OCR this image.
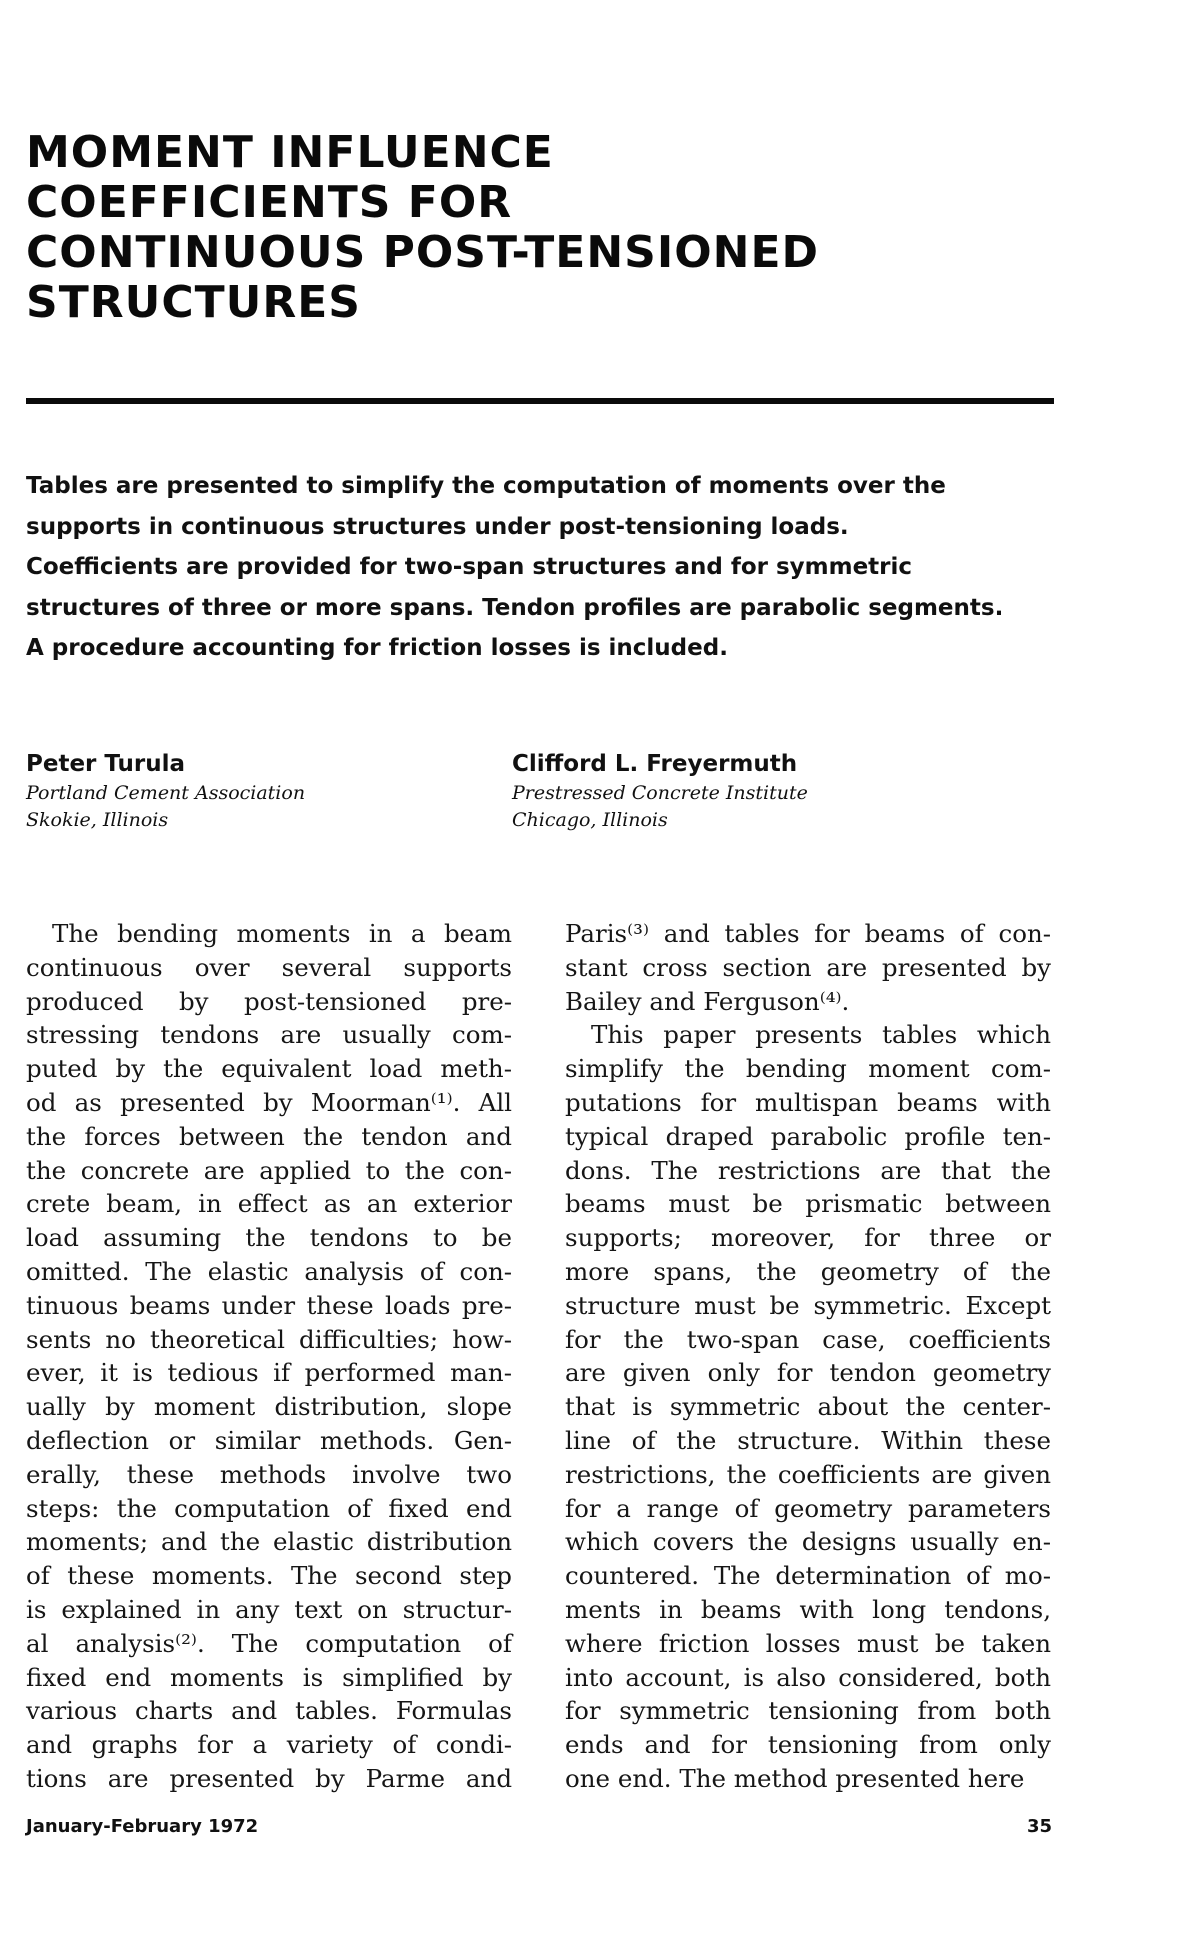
MOMENT INFLUENCE
COEFFICIENTS FOR
CONTINUOUS POST-TENSIONED
STRUCTURES
Tables are presented to simplify the computation of moments over the
supports in continuous structures under post-tensioning loads.
Coefficients are provided for two-span structures and for symmetric
structures of three or more spans. Tendon profiles are parabolic segments.
A procedure accounting for friction losses is included.
Peter Turula
Portland Cement Association
Skokie, Illinois
Clifford L. Freyermuth
Prestressed Concrete Institute
Chicago, Illinois
The bending moments in a beam
continuous over several supports
produced by post-tensioned pre-
stressing tendons are usually com-
puted by the equivalent load meth-
od as presented by Moorman⁽¹⁾. All
the forces between the tendon and
the concrete are applied to the con-
crete beam, in effect as an exterior
load assuming the tendons to be
omitted. The elastic analysis of con-
tinuous beams under these loads pre-
sents no theoretical difficulties; how-
ever, it is tedious if performed man-
ually by moment distribution, slope
deflection or similar methods. Gen-
erally, these methods involve two
steps: the computation of fixed end
moments; and the elastic distribution
of these moments. The second step
is explained in any text on structur-
al analysis⁽²⁾. The computation of
fixed end moments is simplified by
various charts and tables. Formulas
and graphs for a variety of condi-
tions are presented by Parme and
Paris⁽³⁾ and tables for beams of con-
stant cross section are presented by
Bailey and Ferguson⁽⁴⁾.
This paper presents tables which
simplify the bending moment com-
putations for multispan beams with
typical draped parabolic profile ten-
dons. The restrictions are that the
beams must be prismatic between
supports; moreover, for three or
more spans, the geometry of the
structure must be symmetric. Except
for the two-span case, coefficients
are given only for tendon geometry
that is symmetric about the center-
line of the structure. Within these
restrictions, the coefficients are given
for a range of geometry parameters
which covers the designs usually en-
countered. The determination of mo-
ments in beams with long tendons,
where friction losses must be taken
into account, is also considered, both
for symmetric tensioning from both
ends and for tensioning from only
one end. The method presented here
January-February 1972	35
